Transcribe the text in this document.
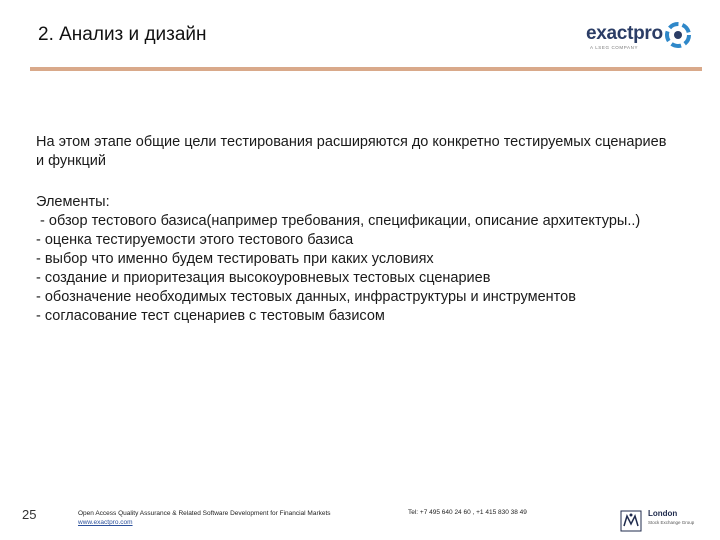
2. Анализ и дизайн	exactpro
A LSEG COMPANY

На этом этапе общие цели тестирования расширяются до конкретно тестируемых сценариев и функций

Элементы:

- обзор тестового базиса(например требования, спецификации, описание архитектуры..)

- оценка тестируемости этого тестового базиса

- выбор что именно будем тестировать при каких условиях

- создание и приоритезация высокоуровневых тестовых сценариев

- обозначение необходимых тестовых данных, инфраструктуры и инструментов

- согласование тест сценариев с тестовым базисом

25	Open Access Quality Assurance & Related Software Development for Financial Markets
www.exactpro.com
Tel: +7 495 640 24 60 , +1 415 830 38 49	London
Stock Exchange Group
